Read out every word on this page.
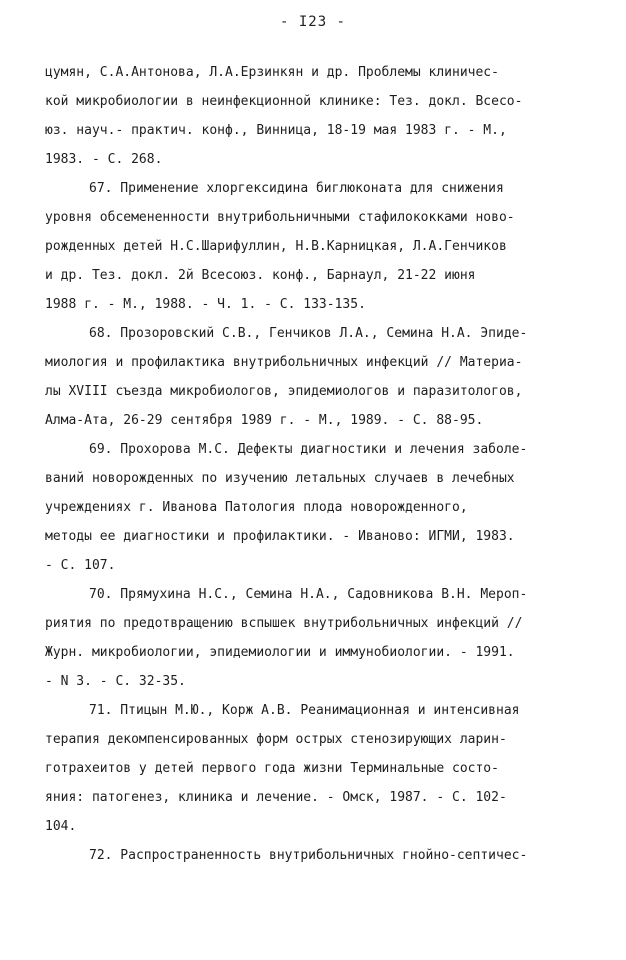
- I23 -
цумян, С.А.Антонова, Л.А.Ерзинкян и др. Проблемы клиничес-
кой микробиологии в неинфекционной клинике: Тез. докл. Всесо-
юз. науч.- практич. конф., Винница, 18-19 мая 1983 г. - М.,
1983. - С. 268.
67. Применение хлоргексидина биглюконата для снижения
уровня обсемененности внутрибольничными стафилококками ново-
рожденных детей Н.С.Шарифуллин, Н.В.Карницкая, Л.А.Генчиков
и др. Тез. докл. 2й Всесоюз. конф., Барнаул, 21-22 июня
1988 г. - М., 1988. - Ч. 1. - С. 133-135.
68. Прозоровский С.В., Генчиков Л.А., Семина Н.А. Эпиде-
миология и профилактика внутрибольничных инфекций // Материа-
лы XVIII съезда микробиологов, эпидемиологов и паразитологов,
Алма-Ата, 26-29 сентября 1989 г. - М., 1989. - С. 88-95.
69. Прохорова М.С. Дефекты диагностики и лечения заболе-
ваний новорожденных по изучению летальных случаев в лечебных
учреждениях г. Иванова Патология плода новорожденного,
методы ее диагностики и профилактики. - Иваново: ИГМИ, 1983.
- С. 107.
70. Прямухина Н.С., Семина Н.А., Садовникова В.Н. Мероп-
риятия по предотвращению вспышек внутрибольничных инфекций //
Журн. микробиологии, эпидемиологии и иммунобиологии. - 1991.
- N 3. - С. 32-35.
71. Птицын М.Ю., Корж А.В. Реанимационная и интенсивная
терапия декомпенсированных форм острых стенозирующих ларин-
готрахеитов у детей первого года жизни Терминальные состо-
яния: патогенез, клиника и лечение. - Омск, 1987. - С. 102-
104.
72. Распространенность внутрибольничных гнойно-септичес-
